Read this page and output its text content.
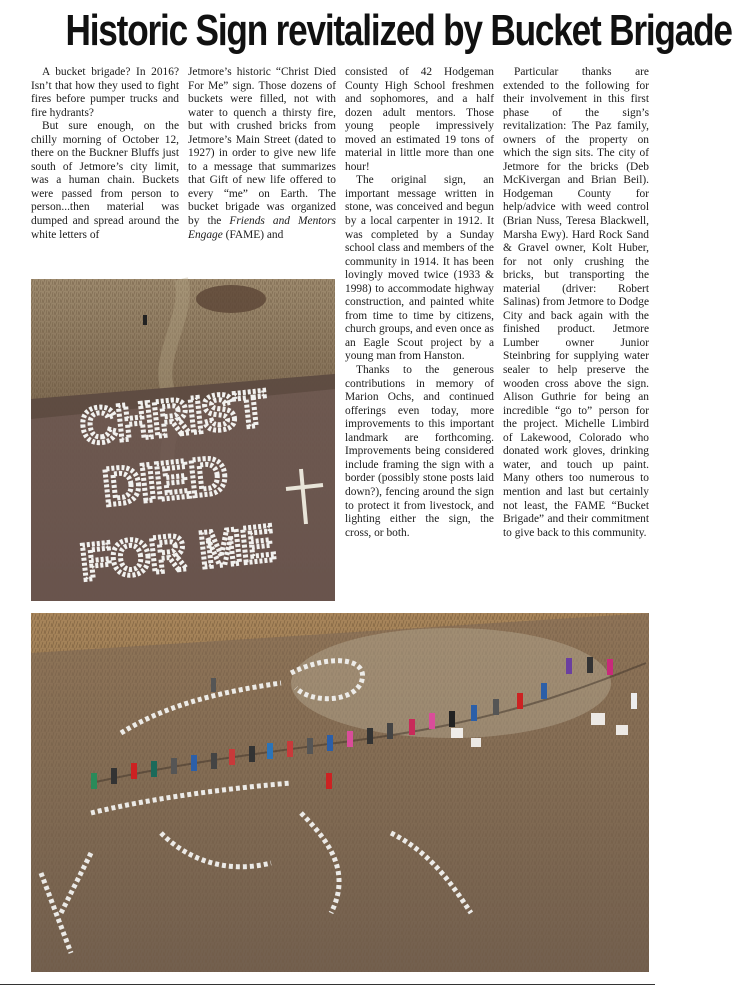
Historic Sign revitalized by Bucket Brigade

A bucket brigade? In 2016? Isn’t that how they used to fight fires before pumper trucks and fire hydrants?

But sure enough, on the chilly morning of October 12, there on the Buckner Bluffs just south of Jetmore’s city limit, was a human chain. Buckets were passed from person to person...then material was dumped and spread around the white letters of

Jetmore’s historic “Christ Died For Me” sign. Those dozens of buckets were filled, not with water to quench a thirsty fire, but with crushed bricks from Jetmore’s Main Street (dated to 1927) in order to give new life to a message that summarizes that Gift of new life offered to every “me” on Earth. The bucket brigade was organized by the Friends and Mentors Engage (FAME) and

consisted of 42 Hodgeman County High School freshmen and sophomores, and a half dozen adult mentors. Those young people impressively moved an estimated 19 tons of material in little more than one hour!

The original sign, an important message written in stone, was conceived and begun by a local carpenter in 1912. It was completed by a Sunday school class and members of the community in 1914. It has been lovingly moved twice (1933 & 1998) to accommodate highway construction, and painted white from time to time by citizens, church groups, and even once as an Eagle Scout project by a young man from Hanston.

Thanks to the generous contributions in memory of Marion Ochs, and continued offerings even today, more improvements to this important landmark are forthcoming. Improvements being considered include framing the sign with a border (possibly stone posts laid down?), fencing around the sign to protect it from livestock, and lighting either the sign, the cross, or both.

Particular thanks are extended to the following for their involvement in this first phase of the sign’s revitalization: The Paz family, owners of the property on which the sign sits. The city of Jetmore for the bricks (Deb McKivergan and Brian Beil). Hodgeman County for help/advice with weed control (Brian Nuss, Teresa Blackwell, Marsha Ewy). Hard Rock Sand & Gravel owner, Kolt Huber, for not only crushing the bricks, but transporting the material (driver: Robert Salinas) from Jetmore to Dodge City and back again with the finished product. Jetmore Lumber owner Junior Steinbring for supplying water sealer to help preserve the wooden cross above the sign. Alison Guthrie for being an incredible “go to” person for the project. Michelle Limbird of Lakewood, Colorado who donated work gloves, drinking water, and touch up paint. Many others too numerous to mention and last but certainly not least, the FAME “Bucket Brigade” and their commitment to give back to this community.

CHRIST
DIED
FOR ME
